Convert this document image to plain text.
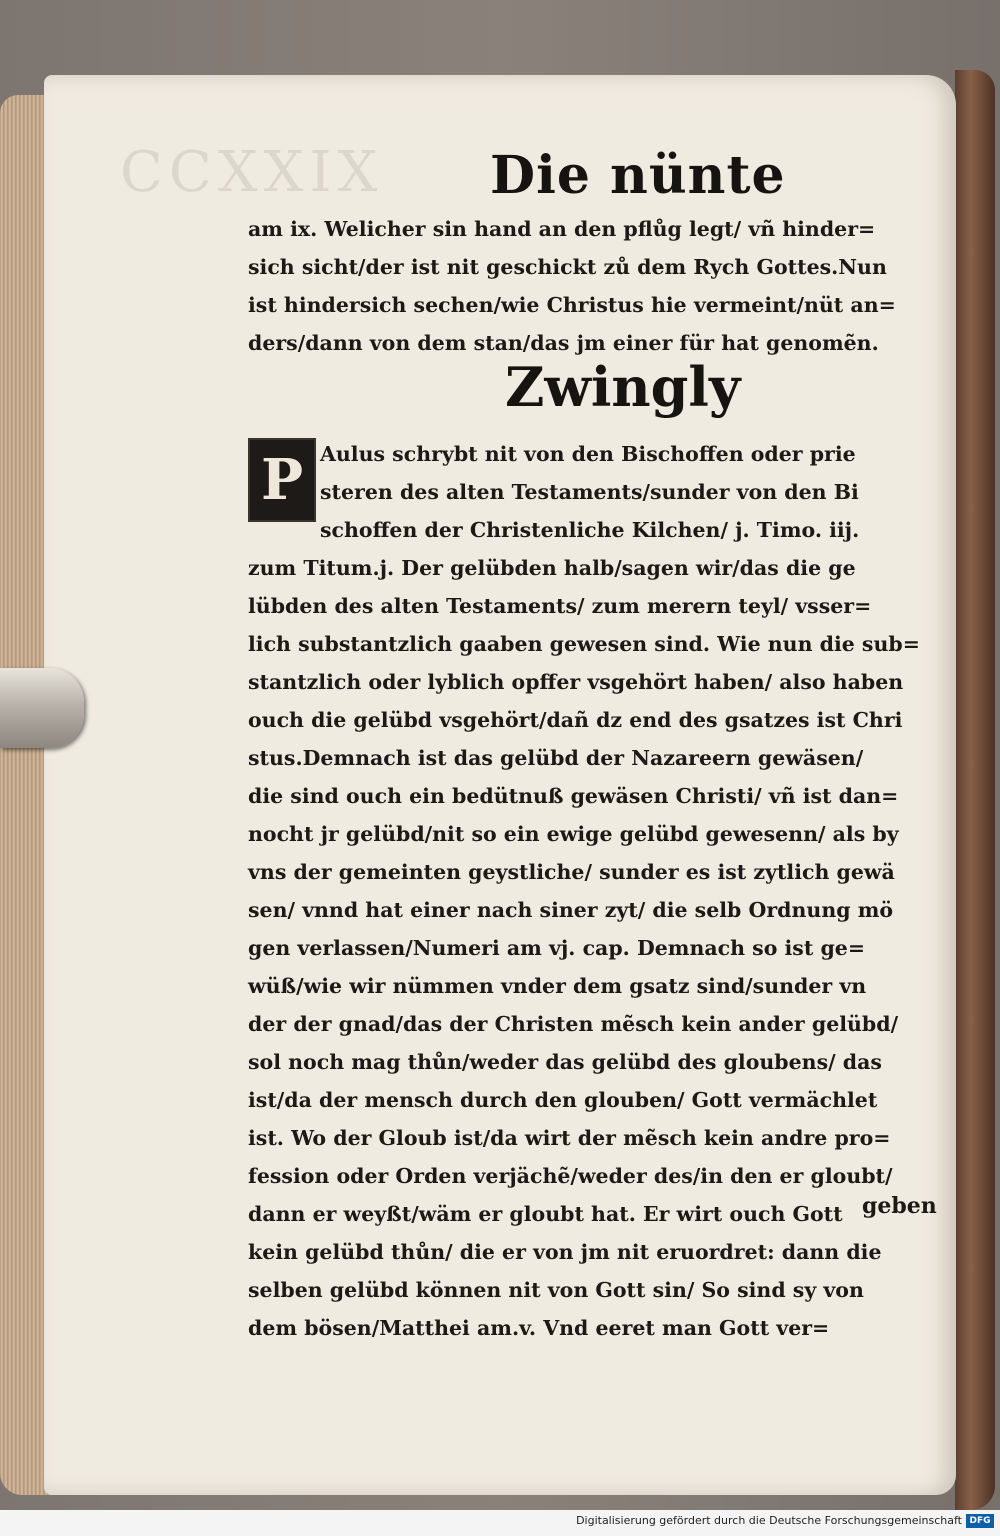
CCXXIX Die nünte
am ix. Welicher sin hand an den pflůg legt/ vñ hinder=
sich sicht/der ist nit geschickt zů dem Rych Gottes.Nun
ist hindersich sechen/wie Christus hie vermeint/nüt an=
ders/dann von dem stan/das jm einer für hat genomẽn.
Zwingly
P Aulus schrybt nit von den Bischoffen oder prie
steren des alten Testaments/sunder von den Bi
schoffen der Christenliche Kilchen/ j. Timo. iij.
zum Titum.j. Der gelübden halb/sagen wir/das die ge
lübden des alten Testaments/ zum merern teyl/ vsser=
lich substantzlich gaaben gewesen sind. Wie nun die sub=
stantzlich oder lyblich opffer vsgehört haben/ also haben
ouch die gelübd vsgehört/dañ dz end des gsatzes ist Chri
stus.Demnach ist das gelübd der Nazareern gewäsen/
die sind ouch ein bedütnuß gewäsen Christi/ vñ ist dan=
nocht jr gelübd/nit so ein ewige gelübd gewesenn/ als by
vns der gemeinten geystliche/ sunder es ist zytlich gewä
sen/ vnnd hat einer nach siner zyt/ die selb Ordnung mö
gen verlassen/Numeri am vj. cap. Demnach so ist ge=
wüß/wie wir nümmen vnder dem gsatz sind/sunder vn
der der gnad/das der Christen mẽsch kein ander gelübd/
sol noch mag thůn/weder das gelübd des gloubens/ das
ist/da der mensch durch den glouben/ Gott vermächlet
ist. Wo der Gloub ist/da wirt der mẽsch kein andre pro=
fession oder Orden verjächẽ/weder des/in den er gloubt/
dann er weyßt/wäm er gloubt hat. Er wirt ouch Gott
kein gelübd thůn/ die er von jm nit eruordret: dann die
selben gelübd können nit von Gott sin/ So sind sy von
dem bösen/Matthei am.v. Vnd eeret man Gott ver=
geben
Digitalisierung gefördert durch die Deutsche Forschungsgemeinschaft DFG
